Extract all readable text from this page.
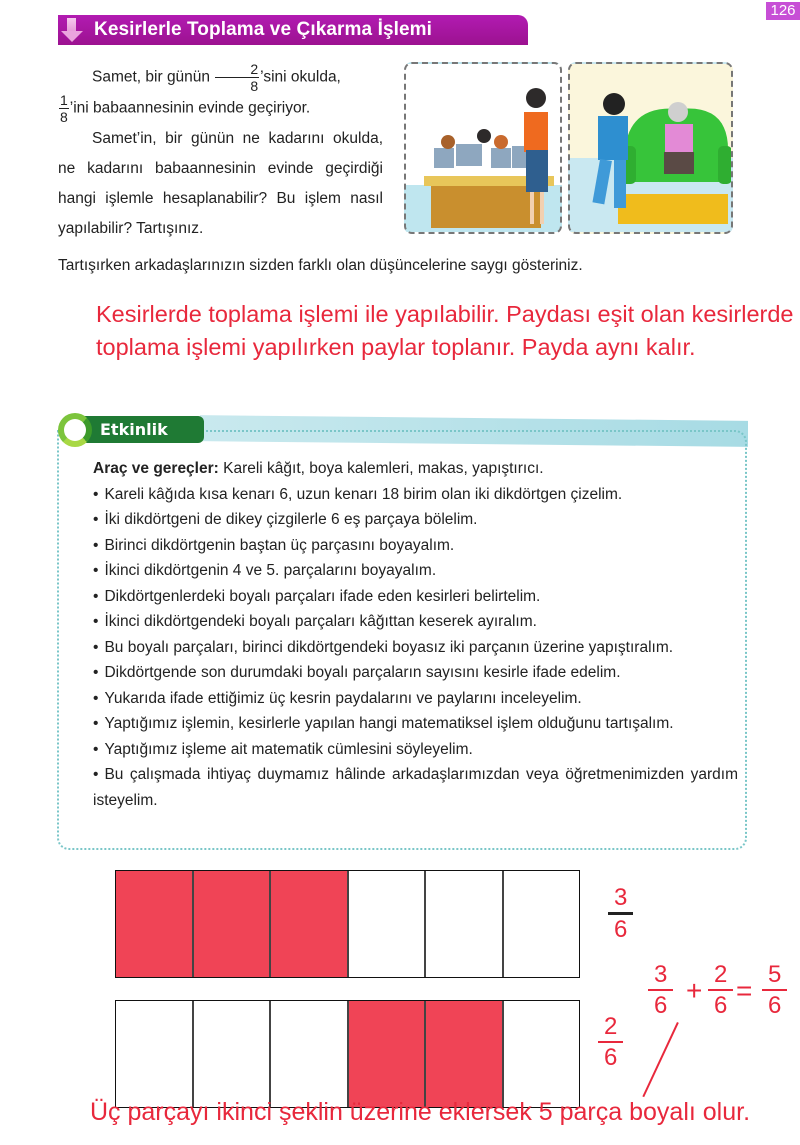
126
Kesirlerle Toplama ve Çıkarma İşlemi

Samet, bir günün $\frac{2}{8}$ ’sini okulda,

$\frac{1}{8}$ ’ini babaannesinin evinde geçiriyor.

Samet’in, bir günün ne kadarını okulda, ne kadarını babaannesinin evinde geçirdiği hangi işlemle hesaplanabilir? Bu işlem nasıl yapılabilir? Tartışınız.

Tartışırken arkadaşlarınızın sizden farklı olan düşüncelerine saygı gösteriniz.
Kesirlerde toplama işlemi ile yapılabilir. Paydası eşit olan kesirlerde toplama işlemi yapılırken paylar toplanır. Payda aynı kalır.
Etkinlik

Araç ve gereçler: Kareli kâğıt, boya kalemleri, makas, yapıştırıcı.

• Kareli kâğıda kısa kenarı 6, uzun kenarı 18 birim olan iki dikdörtgen çizelim.
• İki dikdörtgeni de dikey çizgilerle 6 eş parçaya bölelim.
• Birinci dikdörtgenin baştan üç parçasını boyayalım.
• İkinci dikdörtgenin 4 ve 5. parçalarını boyayalım.
• Dikdörtgenlerdeki boyalı parçaları ifade eden kesirleri belirtelim.
• İkinci dikdörtgendeki boyalı parçaları kâğıttan keserek ayıralım.
• Bu boyalı parçaları, birinci dikdörtgendeki boyasız iki parçanın üzerine yapıştıralım.
• Dikdörtgende son durumdaki boyalı parçaların sayısını kesirle ifade edelim.
• Yukarıda ifade ettiğimiz üç kesrin paydalarını ve paylarını inceleyelim.
• Yaptığımız işlemin, kesirlerle yapılan hangi matematiksel işlem olduğunu tartışalım.
• Yaptığımız işleme ait matematik cümlesini söyleyelim.
• Bu çalışmada ihtiyaç duymamız hâlinde arkadaşlarımızdan veya öğretmenimizden yardım isteyelim.
3
6
2
6
3
6 +
2
6 =
5
6
Üç parçayı ikinci şeklin üzerine eklersek 5 parça boyalı olur.
